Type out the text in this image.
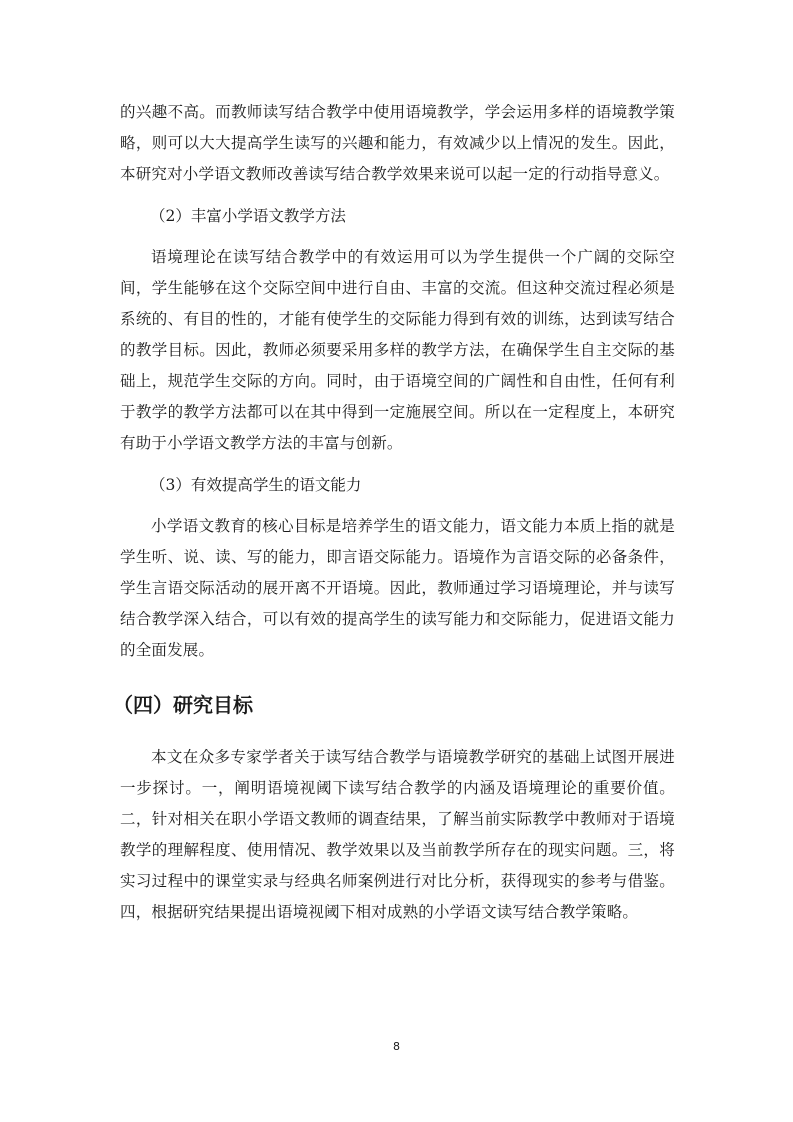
的兴趣不高。而教师读写结合教学中使用语境教学，学会运用多样的语境教学策略，则可以大大提高学生读写的兴趣和能力，有效减少以上情况的发生。因此，本研究对小学语文教师改善读写结合教学效果来说可以起一定的行动指导意义。

（2）丰富小学语文教学方法

语境理论在读写结合教学中的有效运用可以为学生提供一个广阔的交际空间，学生能够在这个交际空间中进行自由、丰富的交流。但这种交流过程必须是系统的、有目的性的，才能有使学生的交际能力得到有效的训练，达到读写结合的教学目标。因此，教师必须要采用多样的教学方法，在确保学生自主交际的基础上，规范学生交际的方向。同时，由于语境空间的广阔性和自由性，任何有利于教学的教学方法都可以在其中得到一定施展空间。所以在一定程度上，本研究有助于小学语文教学方法的丰富与创新。

（3）有效提高学生的语文能力

小学语文教育的核心目标是培养学生的语文能力，语文能力本质上指的就是学生听、说、读、写的能力，即言语交际能力。语境作为言语交际的必备条件，学生言语交际活动的展开离不开语境。因此，教师通过学习语境理论，并与读写结合教学深入结合，可以有效的提高学生的读写能力和交际能力，促进语文能力的全面发展。

（四）研究目标

本文在众多专家学者关于读写结合教学与语境教学研究的基础上试图开展进一步探讨。一，阐明语境视阈下读写结合教学的内涵及语境理论的重要价值。二，针对相关在职小学语文教师的调查结果，了解当前实际教学中教师对于语境教学的理解程度、使用情况、教学效果以及当前教学所存在的现实问题。三，将实习过程中的课堂实录与经典名师案例进行对比分析，获得现实的参考与借鉴。四，根据研究结果提出语境视阈下相对成熟的小学语文读写结合教学策略。

8
